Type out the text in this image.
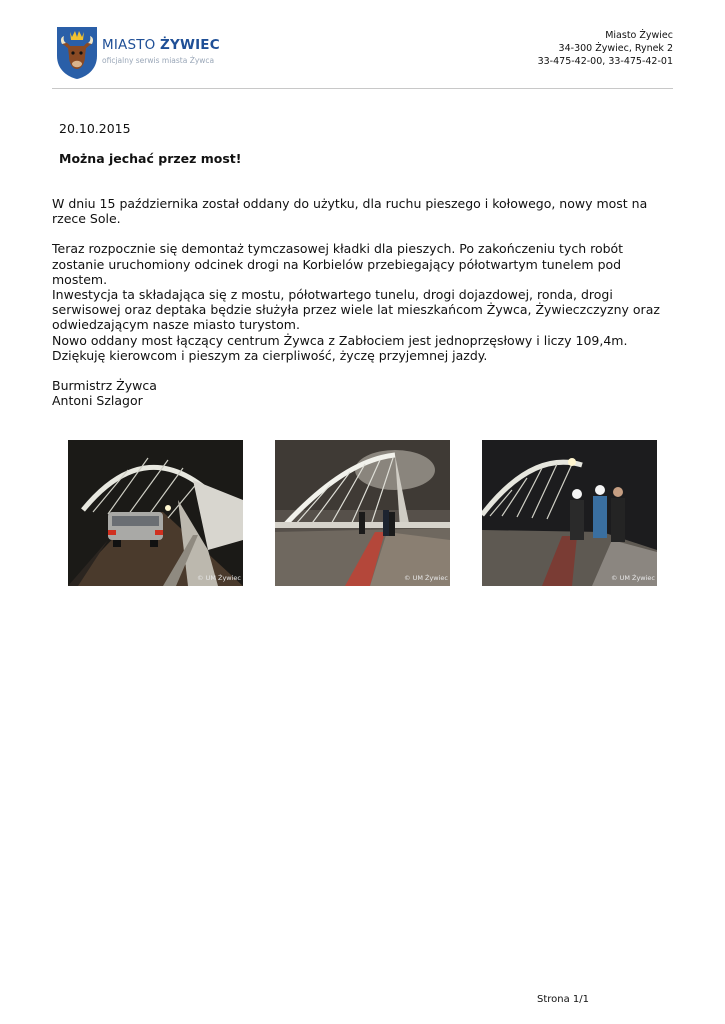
MIASTO ŻYWIEC
oficjalny serwis miasta Żywca
Miasto Żywiec
34-300 Żywiec, Rynek 2
33-475-42-00, 33-475-42-01
20.10.2015
Można jechać przez most!

W dniu 15 października został oddany do użytku, dla ruchu pieszego i kołowego, nowy most na rzece Sole.

Teraz rozpocznie się demontaż tymczasowej kładki dla pieszych. Po zakończeniu tych robót zostanie uruchomiony odcinek drogi na Korbielów przebiegający półotwartym tunelem pod mostem.

Inwestycja ta składająca się z mostu, półotwartego tunelu, drogi dojazdowej, ronda, drogi serwisowej oraz deptaka będzie służyła przez wiele lat mieszkańcom Żywca, Żywieczczyzny oraz odwiedzającym nasze miasto turystom.

Nowo oddany most łączący centrum Żywca z Zabłociem jest jednoprzęsłowy i liczy 109,4m.

Dziękuję kierowcom i pieszym za cierpliwość, życzę przyjemnej jazdy.

Burmistrz Żywca

Antoni Szlagor

© UM Żywiec	© UM Żywiec	© UM Żywiec
Strona 1/1
